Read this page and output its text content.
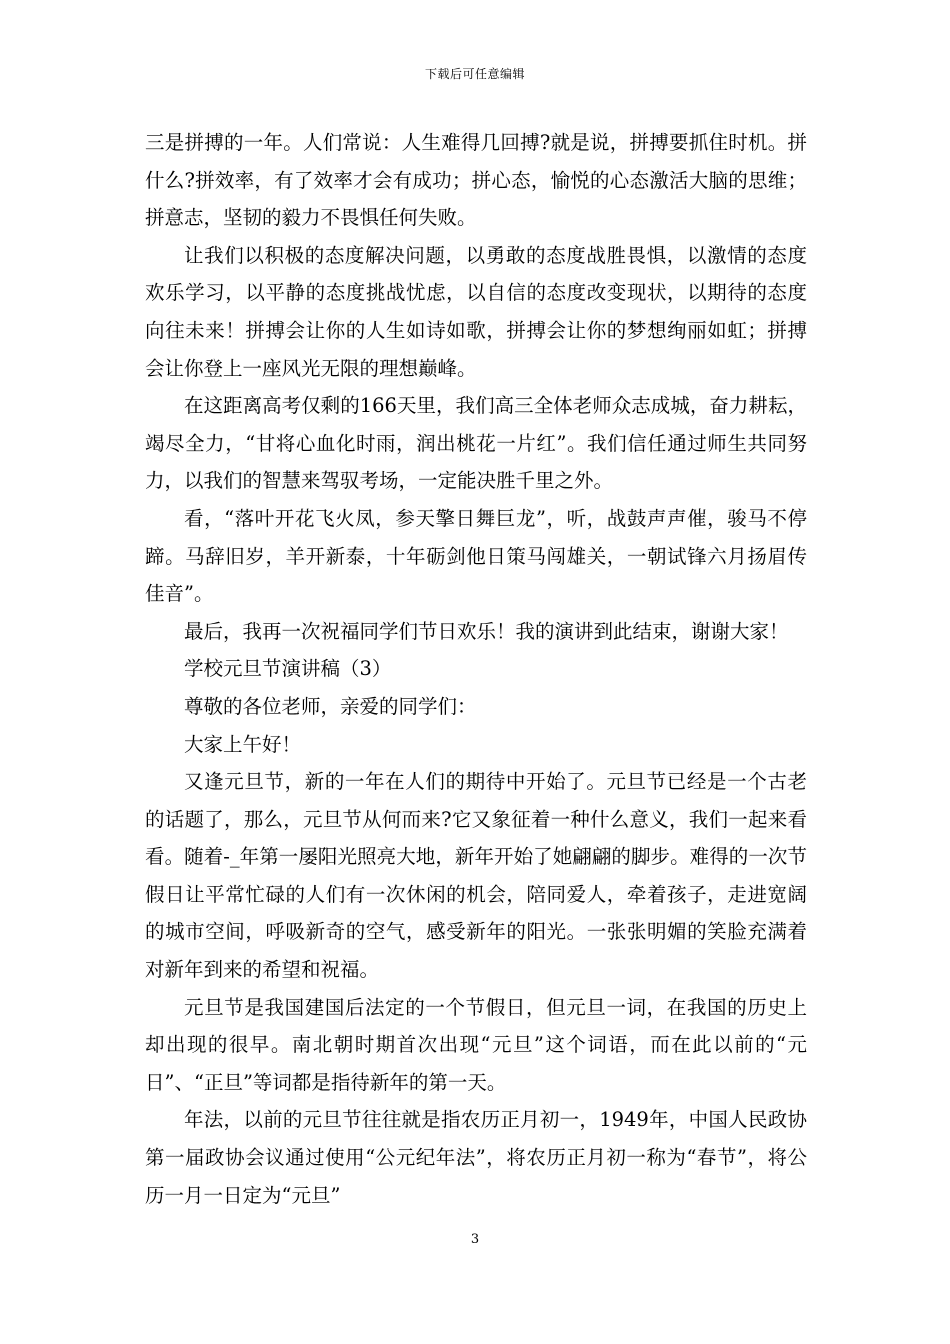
下载后可任意编辑

三是拼搏的一年。人们常说：人生难得几回搏?就是说，拼搏要抓住时机。拼什么?拼效率，有了效率才会有成功；拼心态，愉悦的心态激活大脑的思维；拼意志，坚韧的毅力不畏惧任何失败。

让我们以积极的态度解决问题，以勇敢的态度战胜畏惧，以激情的态度欢乐学习，以平静的态度挑战忧虑，以自信的态度改变现状，以期待的态度向往未来！拼搏会让你的人生如诗如歌，拼搏会让你的梦想绚丽如虹；拼搏会让你登上一座风光无限的理想巅峰。

在这距离高考仅剩的166天里，我们高三全体老师众志成城，奋力耕耘，竭尽全力，“甘将心血化时雨，润出桃花一片红”。我们信任通过师生共同努力，以我们的智慧来驾驭考场，一定能决胜千里之外。

看，“落叶开花飞火凤，参天擎日舞巨龙”，听，战鼓声声催，骏马不停蹄。马辞旧岁，羊开新泰，十年砺剑他日策马闯雄关，一朝试锋六月扬眉传佳音”。

最后，我再一次祝福同学们节日欢乐！我的演讲到此结束，谢谢大家！

学校元旦节演讲稿（3）

尊敬的各位老师，亲爱的同学们：

大家上午好！

又逢元旦节，新的一年在人们的期待中开始了。元旦节已经是一个古老的话题了，那么，元旦节从何而来?它又象征着一种什么意义，我们一起来看看。随着-_年第一屡阳光照亮大地，新年开始了她翩翩的脚步。难得的一次节假日让平常忙碌的人们有一次休闲的机会，陪同爱人，牵着孩子，走进宽阔的城市空间，呼吸新奇的空气，感受新年的阳光。一张张明媚的笑脸充满着对新年到来的希望和祝福。

元旦节是我国建国后法定的一个节假日，但元旦一词，在我国的历史上却出现的很早。南北朝时期首次出现“元旦”这个词语，而在此以前的“元日”、“正旦”等词都是指待新年的第一天。

年法，以前的元旦节往往就是指农历正月初一，1949年，中国人民政协第一届政协会议通过使用“公元纪年法”，将农历正月初一称为“春节”，将公历一月一日定为“元旦”

3
